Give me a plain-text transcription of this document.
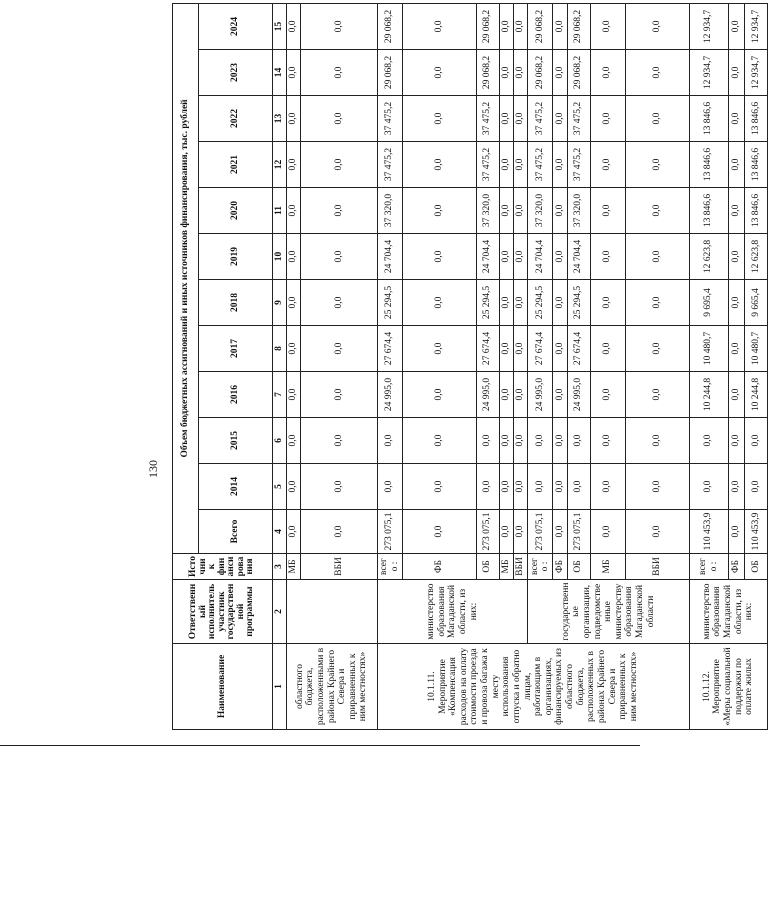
130
Наименование	Ответственный исполнитель участник государственной программы	Источник финансирования	Объем бюджетных ассигнований и иных источников финансирования, тыс. рублей											
			Всего	2014	2015	2016	2017	2018	2019	2020	2021	2022	2023	2024
1	2	3	4	5	6	7	8	9	10	11	12	13	14	15
областного бюджета, расположенными в районах Крайнего Севера и приравненных к ним местностях»		МБ	0,0	0,0	0,0	0,0	0,0	0,0	0,0	0,0	0,0	0,0	0,0	0,0
		ВБИ	0,0	0,0	0,0	0,0	0,0	0,0	0,0	0,0	0,0	0,0	0,0	0,0
10.1.11. Мероприятие «Компенсация расходов на оплату стоимости проезда и провоза багажа к месту использования отпуска и обратно лицам, работающим в организациях, финансируемых из областного бюджета, расположенных в районах Крайнего Севера и приравненных к ним местностях»	министерство образования Магаданской области, из них:	всего :	273 075,1	0,0	0,0	24 995,0	27 674,4	25 294,5	24 704,4	37 320,0	37 475,2	37 475,2	29 068,2	29 068,2
		ФБ	0,0	0,0	0,0	0,0	0,0	0,0	0,0	0,0	0,0	0,0	0,0	0,0
		ОБ	273 075,1	0,0	0,0	24 995,0	27 674,4	25 294,5	24 704,4	37 320,0	37 475,2	37 475,2	29 068,2	29 068,2
		МБ	0,0	0,0	0,0	0,0	0,0	0,0	0,0	0,0	0,0	0,0	0,0	0,0
		ВБИ	0,0	0,0	0,0	0,0	0,0	0,0	0,0	0,0	0,0	0,0	0,0	0,0
	государственные организации, подведомственные министерству образования Магаданской области	всего :	273 075,1	0,0	0,0	24 995,0	27 674,4	25 294,5	24 704,4	37 320,0	37 475,2	37 475,2	29 068,2	29 068,2
		ФБ	0,0	0,0	0,0	0,0	0,0	0,0	0,0	0,0	0,0	0,0	0,0	0,0
		ОБ	273 075,1	0,0	0,0	24 995,0	27 674,4	25 294,5	24 704,4	37 320,0	37 475,2	37 475,2	29 068,2	29 068,2
		МБ	0,0	0,0	0,0	0,0	0,0	0,0	0,0	0,0	0,0	0,0	0,0	0,0
		ВБИ	0,0	0,0	0,0	0,0	0,0	0,0	0,0	0,0	0,0	0,0	0,0	0,0
10.1.12. Мероприятие «Меры социальной поддержки по оплате жилых	министерство образования Магаданской области, из них:	всего :	110 453,9	0,0	0,0	10 244,8	10 480,7	9 695,4	12 623,8	13 846,6	13 846,6	13 846,6	12 934,7	12 934,7
		ФБ	0,0	0,0	0,0	0,0	0,0	0,0	0,0	0,0	0,0	0,0	0,0	0,0
		ОБ	110 453,9	0,0	0,0	10 244,8	10 480,7	9 665,4	12 623,8	13 846,6	13 846,6	13 846,6	12 934,7	12 934,7
